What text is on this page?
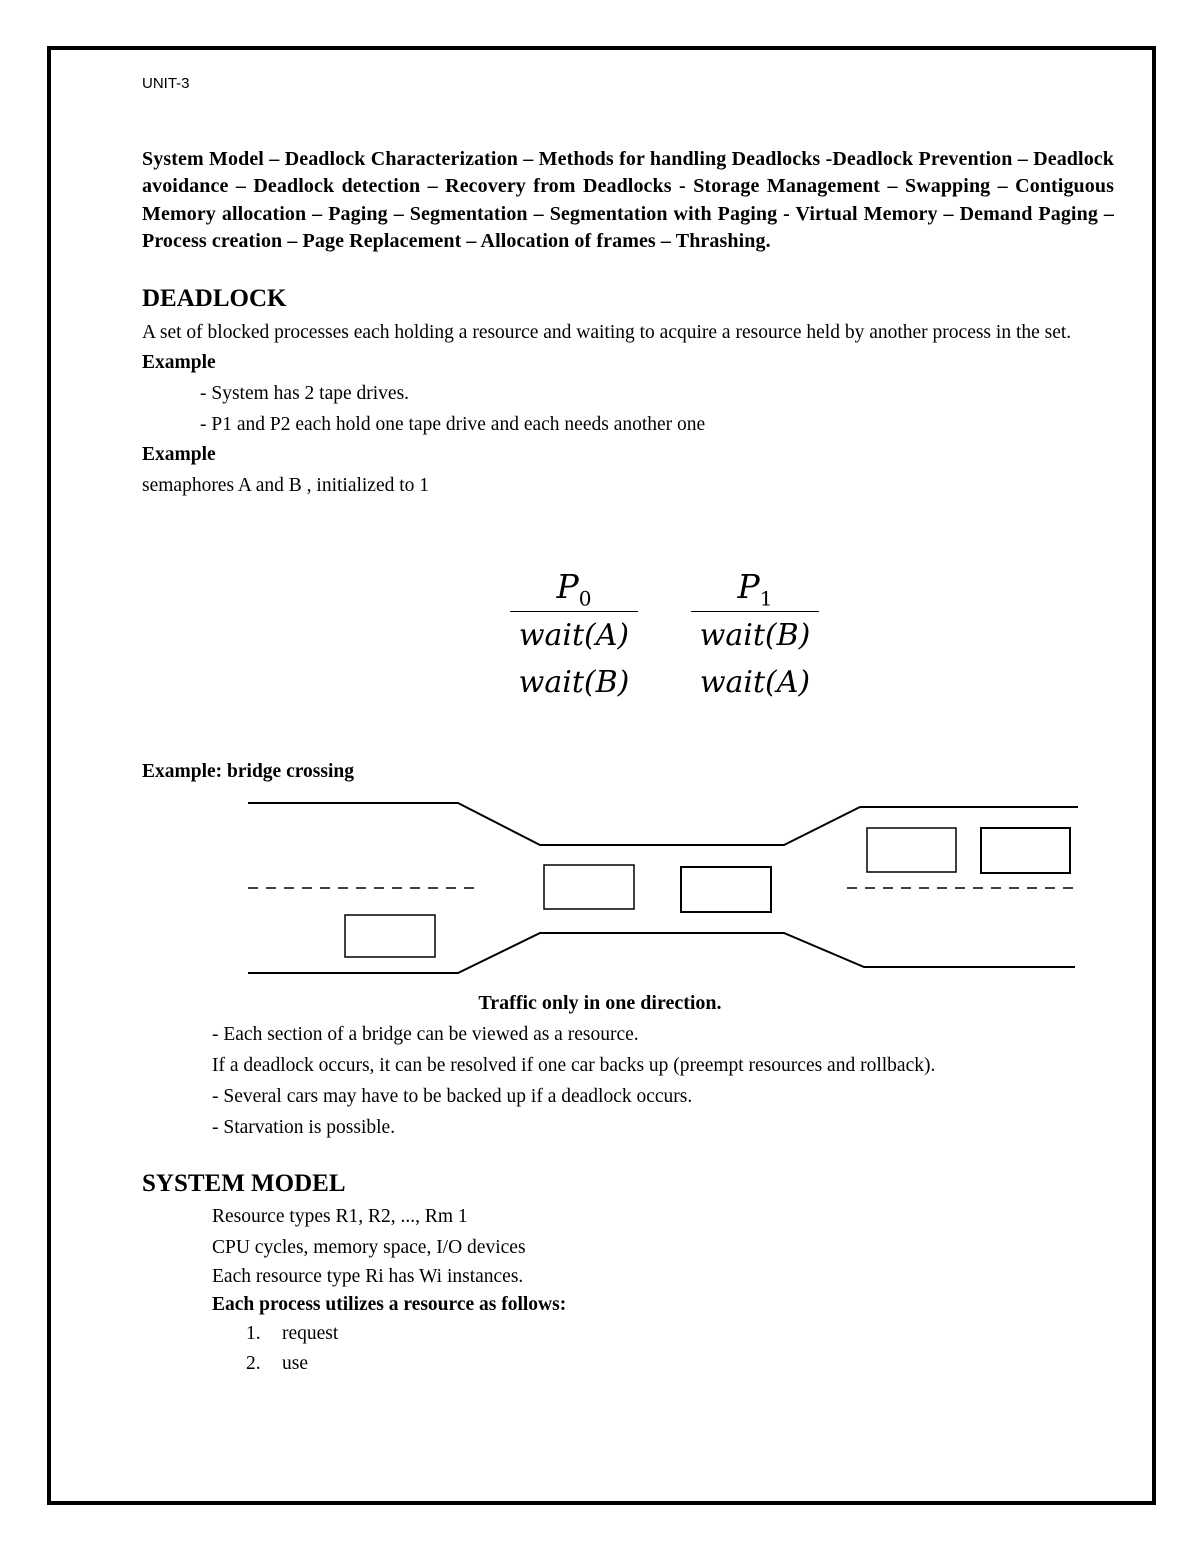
UNIT-3

System Model – Deadlock Characterization – Methods for handling Deadlocks -Deadlock Prevention – Deadlock avoidance – Deadlock detection – Recovery from Deadlocks - Storage Management – Swapping – Contiguous Memory allocation – Paging – Segmentation – Segmentation with Paging - Virtual Memory – Demand Paging – Process creation – Page Replacement – Allocation of frames – Thrashing.

DEADLOCK

A set of blocked processes each holding a resource and waiting to acquire a resource held by another process in the set.

Example

- System has 2 tape drives.

- P1 and P2 each hold one tape drive and each needs another one

Example

semaphores A and B , initialized to 1

$P_0$
wait(A)
wait(B)
$P_1$
wait(B)
wait(A)

Example: bridge crossing

Traffic only in one direction.

- Each section of a bridge can be viewed as a resource.

If a deadlock occurs, it can be resolved if one car backs up (preempt resources and rollback).

- Several cars may have to be backed up if a deadlock occurs.

- Starvation is possible.

SYSTEM MODEL

Resource types R1, R2, ..., Rm 1

CPU cycles, memory space, I/O devices

Each resource type Ri has Wi instances.

Each process utilizes a resource as follows:

1.	request

2.	use
